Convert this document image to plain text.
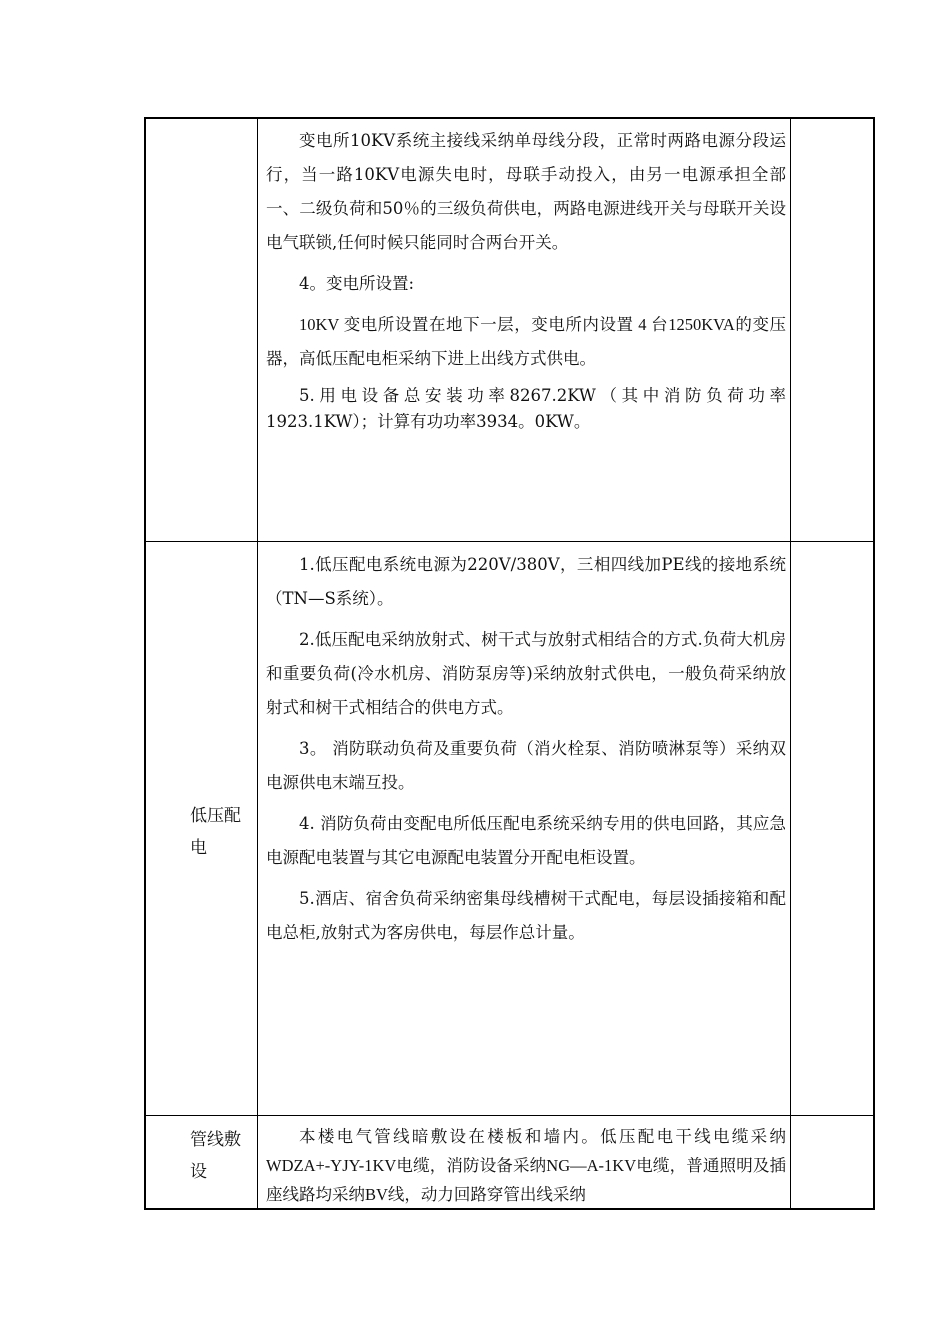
变电所10KV系统主接线采纳单母线分段，正常时两路电源分段运行，当一路10KV电源失电时，母联手动投入，由另一电源承担全部一、二级负荷和50％的三级负荷供电，两路电源进线开关与母联开关设电气联锁,任何时候只能同时合两台开关。

4。变电所设置:

10KV 变电所设置在地下一层，变电所内设置 4 台1250KVA的变压器，高低压配电柜采纳下进上出线方式供电。

5.用电设备总安装功率8267.2KW（其中消防负荷功率1923.1KW）；计算有功功率3934。0KW。

低压配电

1.低压配电系统电源为220V/380V，三相四线加PE线的接地系统（TN—S系统）。

2.低压配电采纳放射式、树干式与放射式相结合的方式.负荷大机房和重要负荷(冷水机房、消防泵房等)采纳放射式供电，一般负荷采纳放射式和树干式相结合的供电方式。

3。 消防联动负荷及重要负荷（消火栓泵、消防喷淋泵等）采纳双电源供电末端互投。

4. 消防负荷由变配电所低压配电系统采纳专用的供电回路，其应急电源配电装置与其它电源配电装置分开配电柜设置。

5.酒店、宿舍负荷采纳密集母线槽树干式配电，每层设插接箱和配电总柜,放射式为客房供电，每层作总计量。

管线敷设

本楼电气管线暗敷设在楼板和墙内。低压配电干线电缆采纳WDZA+-YJY-1KV电缆，消防设备采纳NG—A-1KV电缆，普通照明及插座线路均采纳BV线，动力回路穿管出线采纳
